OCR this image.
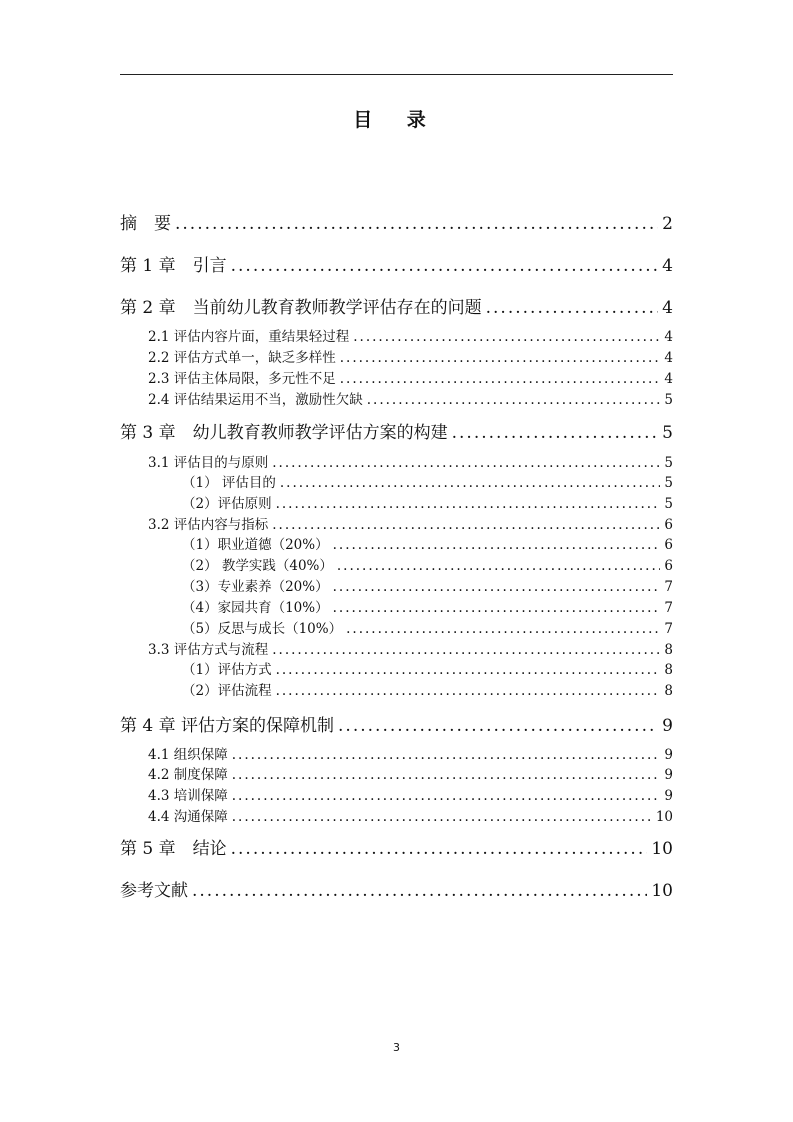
目 录
摘　要 .....	2
第 1 章　引言 .....	4
第 2 章　当前幼儿教育教师教学评估存在的问题 .....	4
2.1 评估内容片面，重结果轻过程 .....	4
2.2 评估方式单一，缺乏多样性 .....	4
2.3 评估主体局限，多元性不足 .....	4
2.4 评估结果运用不当，激励性欠缺 .....	5
第 3 章　幼儿教育教师教学评估方案的构建 .....	5
3.1 评估目的与原则 .....	5
（1） 评估目的 .....	5
（2）评估原则 .....	5
3.2 评估内容与指标 .....	6
（1）职业道德（20%） .....	6
（2） 教学实践（40%） .....	6
（3）专业素养（20%） .....	7
（4）家园共育（10%） .....	7
（5）反思与成长（10%） .....	7
3.3 评估方式与流程 .....	8
（1）评估方式 .....	8
（2）评估流程 .....	8
第 4 章 评估方案的保障机制 .....	9
4.1 组织保障 .....	9
4.2 制度保障 .....	9
4.3 培训保障 .....	9
4.4 沟通保障 .....	10
第 5 章　结论 .....	10
参考文献 .....	10
3
